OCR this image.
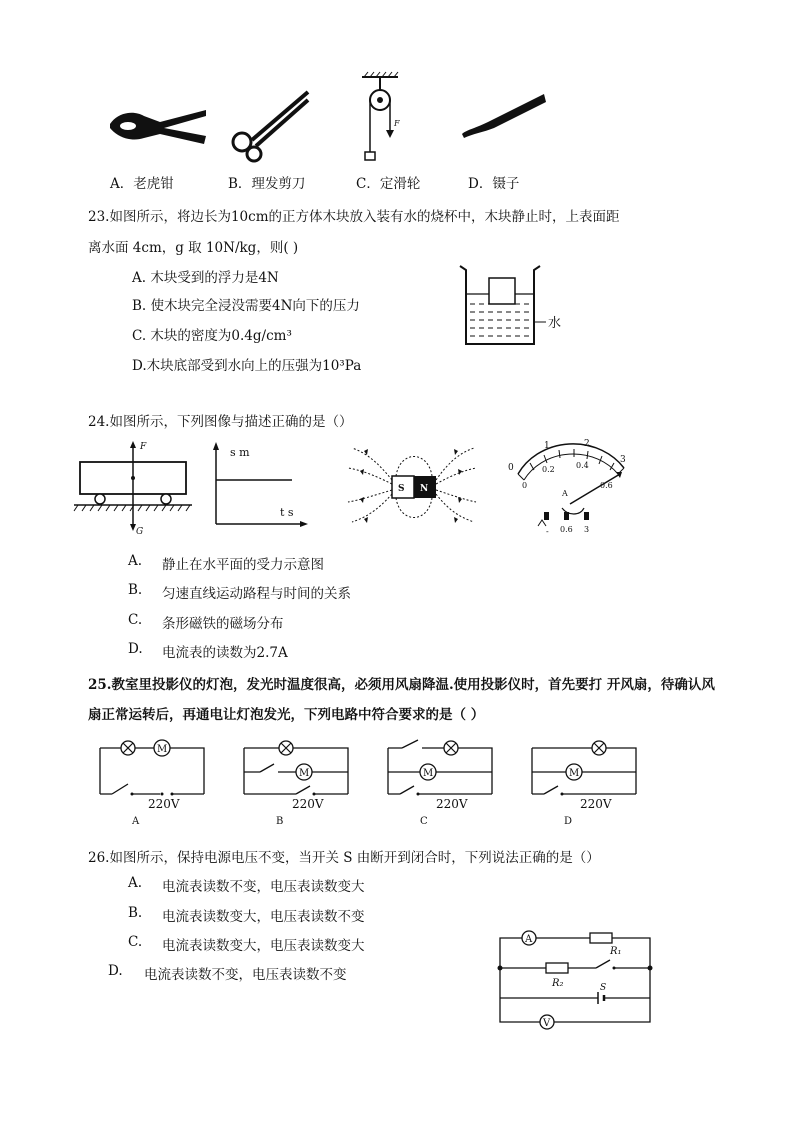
F
A．老虎钳	B．理发剪刀	C．定滑轮	D．镊子
23.如图所示，将边长为10cm的正方体木块放入装有水的烧杯中，木块静止时，上表面距
离水面 4cm，g 取 10N/kg，则( )
A. 木块受到的浮力是4N
B. 使木块完全浸没需要4N向下的压力
C. 木块的密度为0.4g/cm³
D.木块底部受到水向上的压强为10³Pa
水
24.如图所示，下列图像与描述正确的是（）
F
G
s m
t s
S N
0
1	2
3
0
0.2	0.4
0.6
A
- 0.6 3
A. 静止在水平面的受力示意图
B. 匀速直线运动路程与时间的关系
C. 条形磁铁的磁场分布
D. 电流表的读数为2.7A
25.教室里投影仪的灯泡，发光时温度很高，必须用风扇降温.使用投影仪时，首先要打 开风扇，待确认风
扇正常运转后，再通电让灯泡发光，下列电路中符合要求的是（ ）
M
220V
A
M
220V
B
M
220V
C
M
220V
D
26.如图所示，保持电源电压不变，当开关 S 由断开到闭合时，下列说法正确的是（）
A. 电流表读数不变，电压表读数变大
B. 电流表读数变大，电压表读数不变
C. 电流表读数变大，电压表读数变大
D. 电流表读数不变，电压表读数不变
A
R₁
R₂	S
V
